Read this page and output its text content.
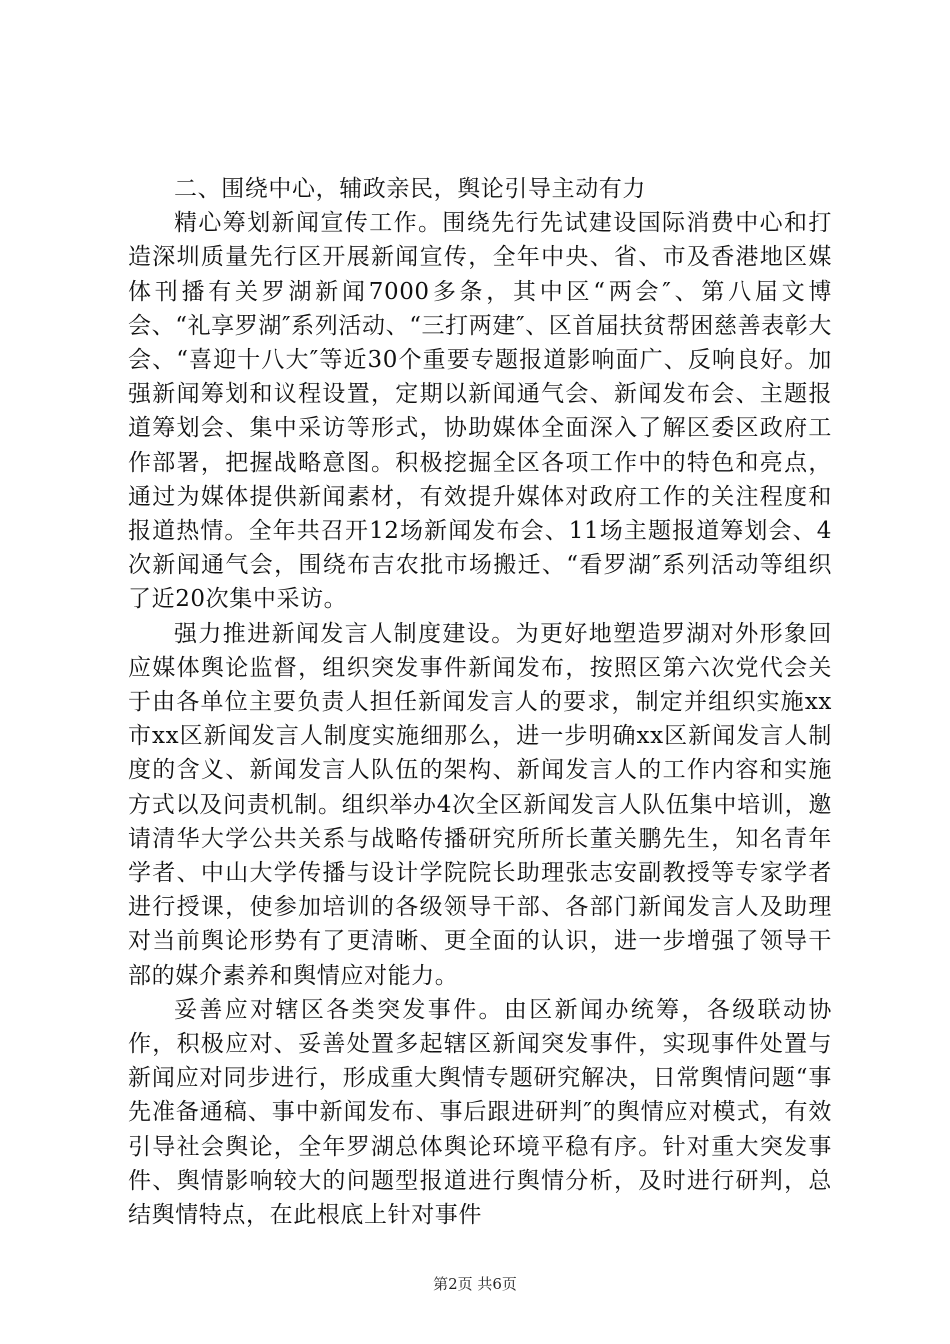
二、围绕中心，辅政亲民，舆论引导主动有力

精心筹划新闻宣传工作。围绕先行先试建设国际消费中心和打造深圳质量先行区开展新闻宣传，全年中央、省、市及香港地区媒体刊播有关罗湖新闻7000多条，其中区“两会″、第八届文博会、“礼享罗湖″系列活动、“三打两建″、区首届扶贫帮困慈善表彰大会、“喜迎十八大″等近30个重要专题报道影响面广、反响良好。加强新闻筹划和议程设置，定期以新闻通气会、新闻发布会、主题报道筹划会、集中采访等形式，协助媒体全面深入了解区委区政府工作部署，把握战略意图。积极挖掘全区各项工作中的特色和亮点，通过为媒体提供新闻素材，有效提升媒体对政府工作的关注程度和报道热情。全年共召开12场新闻发布会、11场主题报道筹划会、4次新闻通气会，围绕布吉农批市场搬迁、“看罗湖″系列活动等组织了近20次集中采访。

强力推进新闻发言人制度建设。为更好地塑造罗湖对外形象回应媒体舆论监督，组织突发事件新闻发布，按照区第六次党代会关于由各单位主要负责人担任新闻发言人的要求，制定并组织实施xx市xx区新闻发言人制度实施细那么，进一步明确xx区新闻发言人制度的含义、新闻发言人队伍的架构、新闻发言人的工作内容和实施方式以及问责机制。组织举办4次全区新闻发言人队伍集中培训，邀请清华大学公共关系与战略传播研究所所长董关鹏先生，知名青年学者、中山大学传播与设计学院院长助理张志安副教授等专家学者进行授课，使参加培训的各级领导干部、各部门新闻发言人及助理对当前舆论形势有了更清晰、更全面的认识，进一步增强了领导干部的媒介素养和舆情应对能力。

妥善应对辖区各类突发事件。由区新闻办统筹，各级联动协作，积极应对、妥善处置多起辖区新闻突发事件，实现事件处置与新闻应对同步进行，形成重大舆情专题研究解决，日常舆情问题“事先准备通稿、事中新闻发布、事后跟进研判″的舆情应对模式，有效引导社会舆论，全年罗湖总体舆论环境平稳有序。针对重大突发事件、舆情影响较大的问题型报道进行舆情分析，及时进行研判，总结舆情特点，在此根底上针对事件

第2页 共6页
